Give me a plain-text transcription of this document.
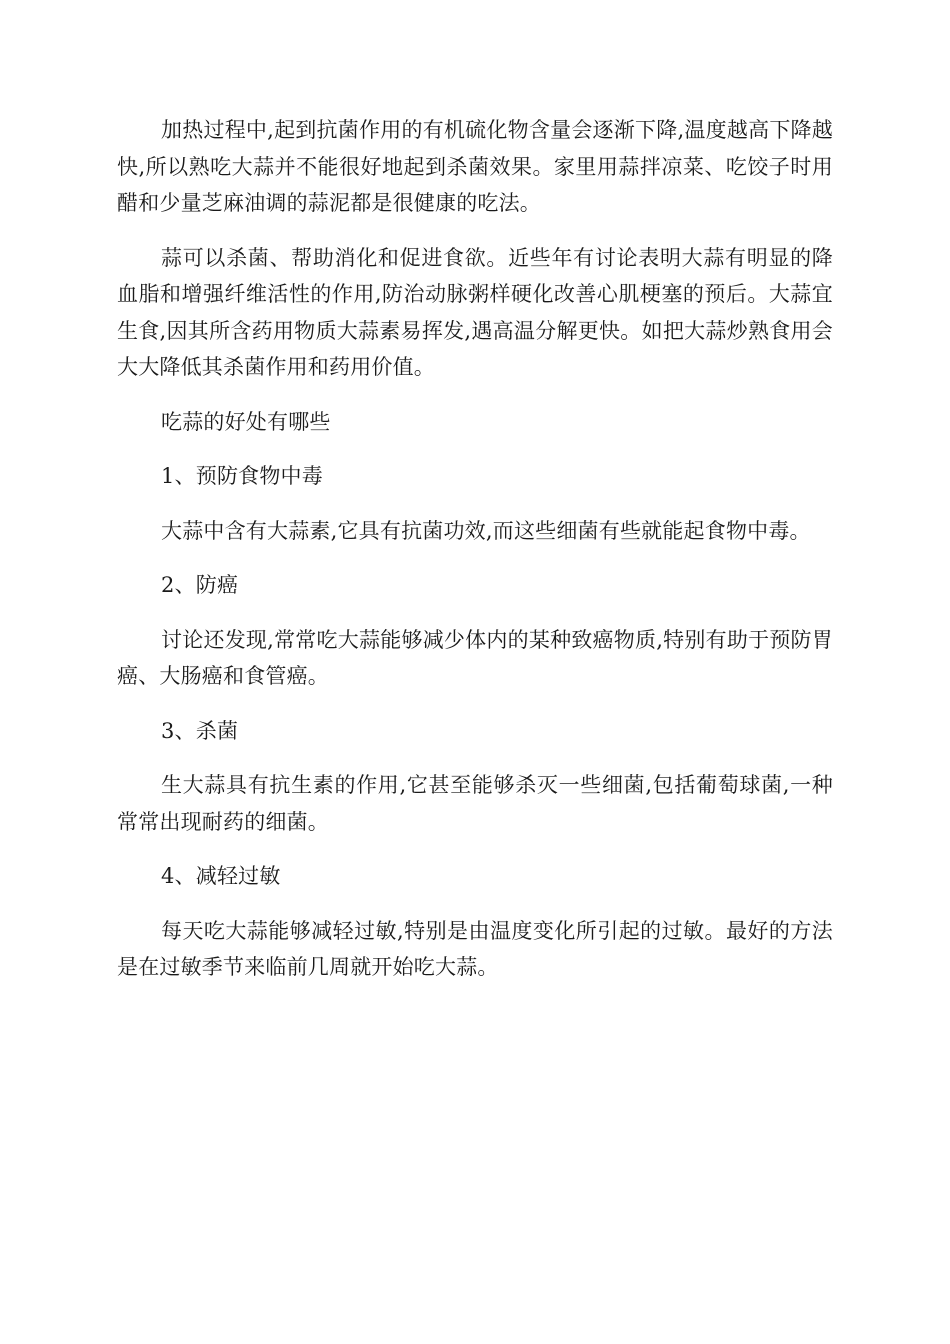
加热过程中,起到抗菌作用的有机硫化物含量会逐渐下降,温度越高下降越快,所以熟吃大蒜并不能很好地起到杀菌效果。家里用蒜拌凉菜、吃饺子时用醋和少量芝麻油调的蒜泥都是很健康的吃法。

蒜可以杀菌、帮助消化和促进食欲。近些年有讨论表明大蒜有明显的降血脂和增强纤维活性的作用,防治动脉粥样硬化改善心肌梗塞的预后。大蒜宜生食,因其所含药用物质大蒜素易挥发,遇高温分解更快。如把大蒜炒熟食用会大大降低其杀菌作用和药用价值。

吃蒜的好处有哪些

1、预防食物中毒

大蒜中含有大蒜素,它具有抗菌功效,而这些细菌有些就能起食物中毒。

2、防癌

讨论还发现,常常吃大蒜能够减少体内的某种致癌物质,特别有助于预防胃癌、大肠癌和食管癌。

3、杀菌

生大蒜具有抗生素的作用,它甚至能够杀灭一些细菌,包括葡萄球菌,一种常常出现耐药的细菌。

4、减轻过敏

每天吃大蒜能够减轻过敏,特别是由温度变化所引起的过敏。最好的方法是在过敏季节来临前几周就开始吃大蒜。
